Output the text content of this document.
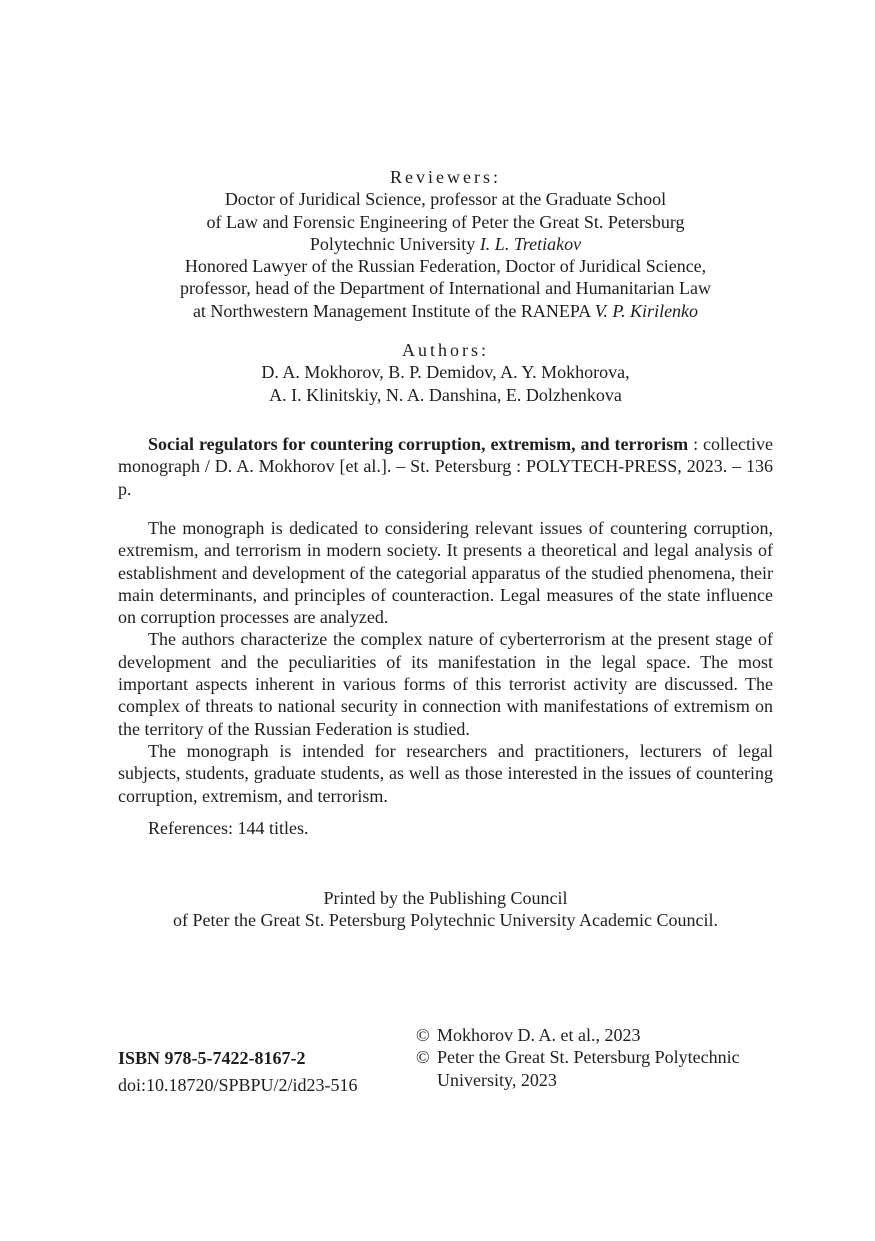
Reviewers:
Doctor of Juridical Science, professor at the Graduate School
of Law and Forensic Engineering of Peter the Great St. Petersburg
Polytechnic University I. L. Tretiakov
Honored Lawyer of the Russian Federation, Doctor of Juridical Science,
professor, head of the Department of International and Humanitarian Law
at Northwestern Management Institute of the RANEPA V. P. Kirilenko
Authors:
D. A. Mokhorov, B. P. Demidov, A. Y. Mokhorova,
A. I. Klinitskiy, N. A. Danshina, E. Dolzhenkova
Social regulators for countering corruption, extremism, and terrorism : collective monograph / D. A. Mokhorov [et al.]. – St. Petersburg : POLYTECH-PRESS, 2023. – 136 p.

The monograph is dedicated to considering relevant issues of countering corruption, extremism, and terrorism in modern society. It presents a theoretical and legal analysis of establishment and development of the categorial apparatus of the studied phenomena, their main determinants, and principles of counteraction. Legal measures of the state influence on corruption processes are analyzed.

The authors characterize the complex nature of cyberterrorism at the present stage of development and the peculiarities of its manifestation in the legal space. The most important aspects inherent in various forms of this terrorist activity are discussed. The complex of threats to national security in connection with manifestations of extremism on the territory of the Russian Federation is studied.

The monograph is intended for researchers and practitioners, lecturers of legal subjects, students, graduate students, as well as those interested in the issues of countering corruption, extremism, and terrorism.

References: 144 titles.
Printed by the Publishing Council
of Peter the Great St. Petersburg Polytechnic University Academic Council.
ISBN 978-5-7422-8167-2
doi:10.18720/SPBPU/2/id23-516
© Mokhorov D. A. et al., 2023
© Peter the Great St. Petersburg Polytechnic
University, 2023
